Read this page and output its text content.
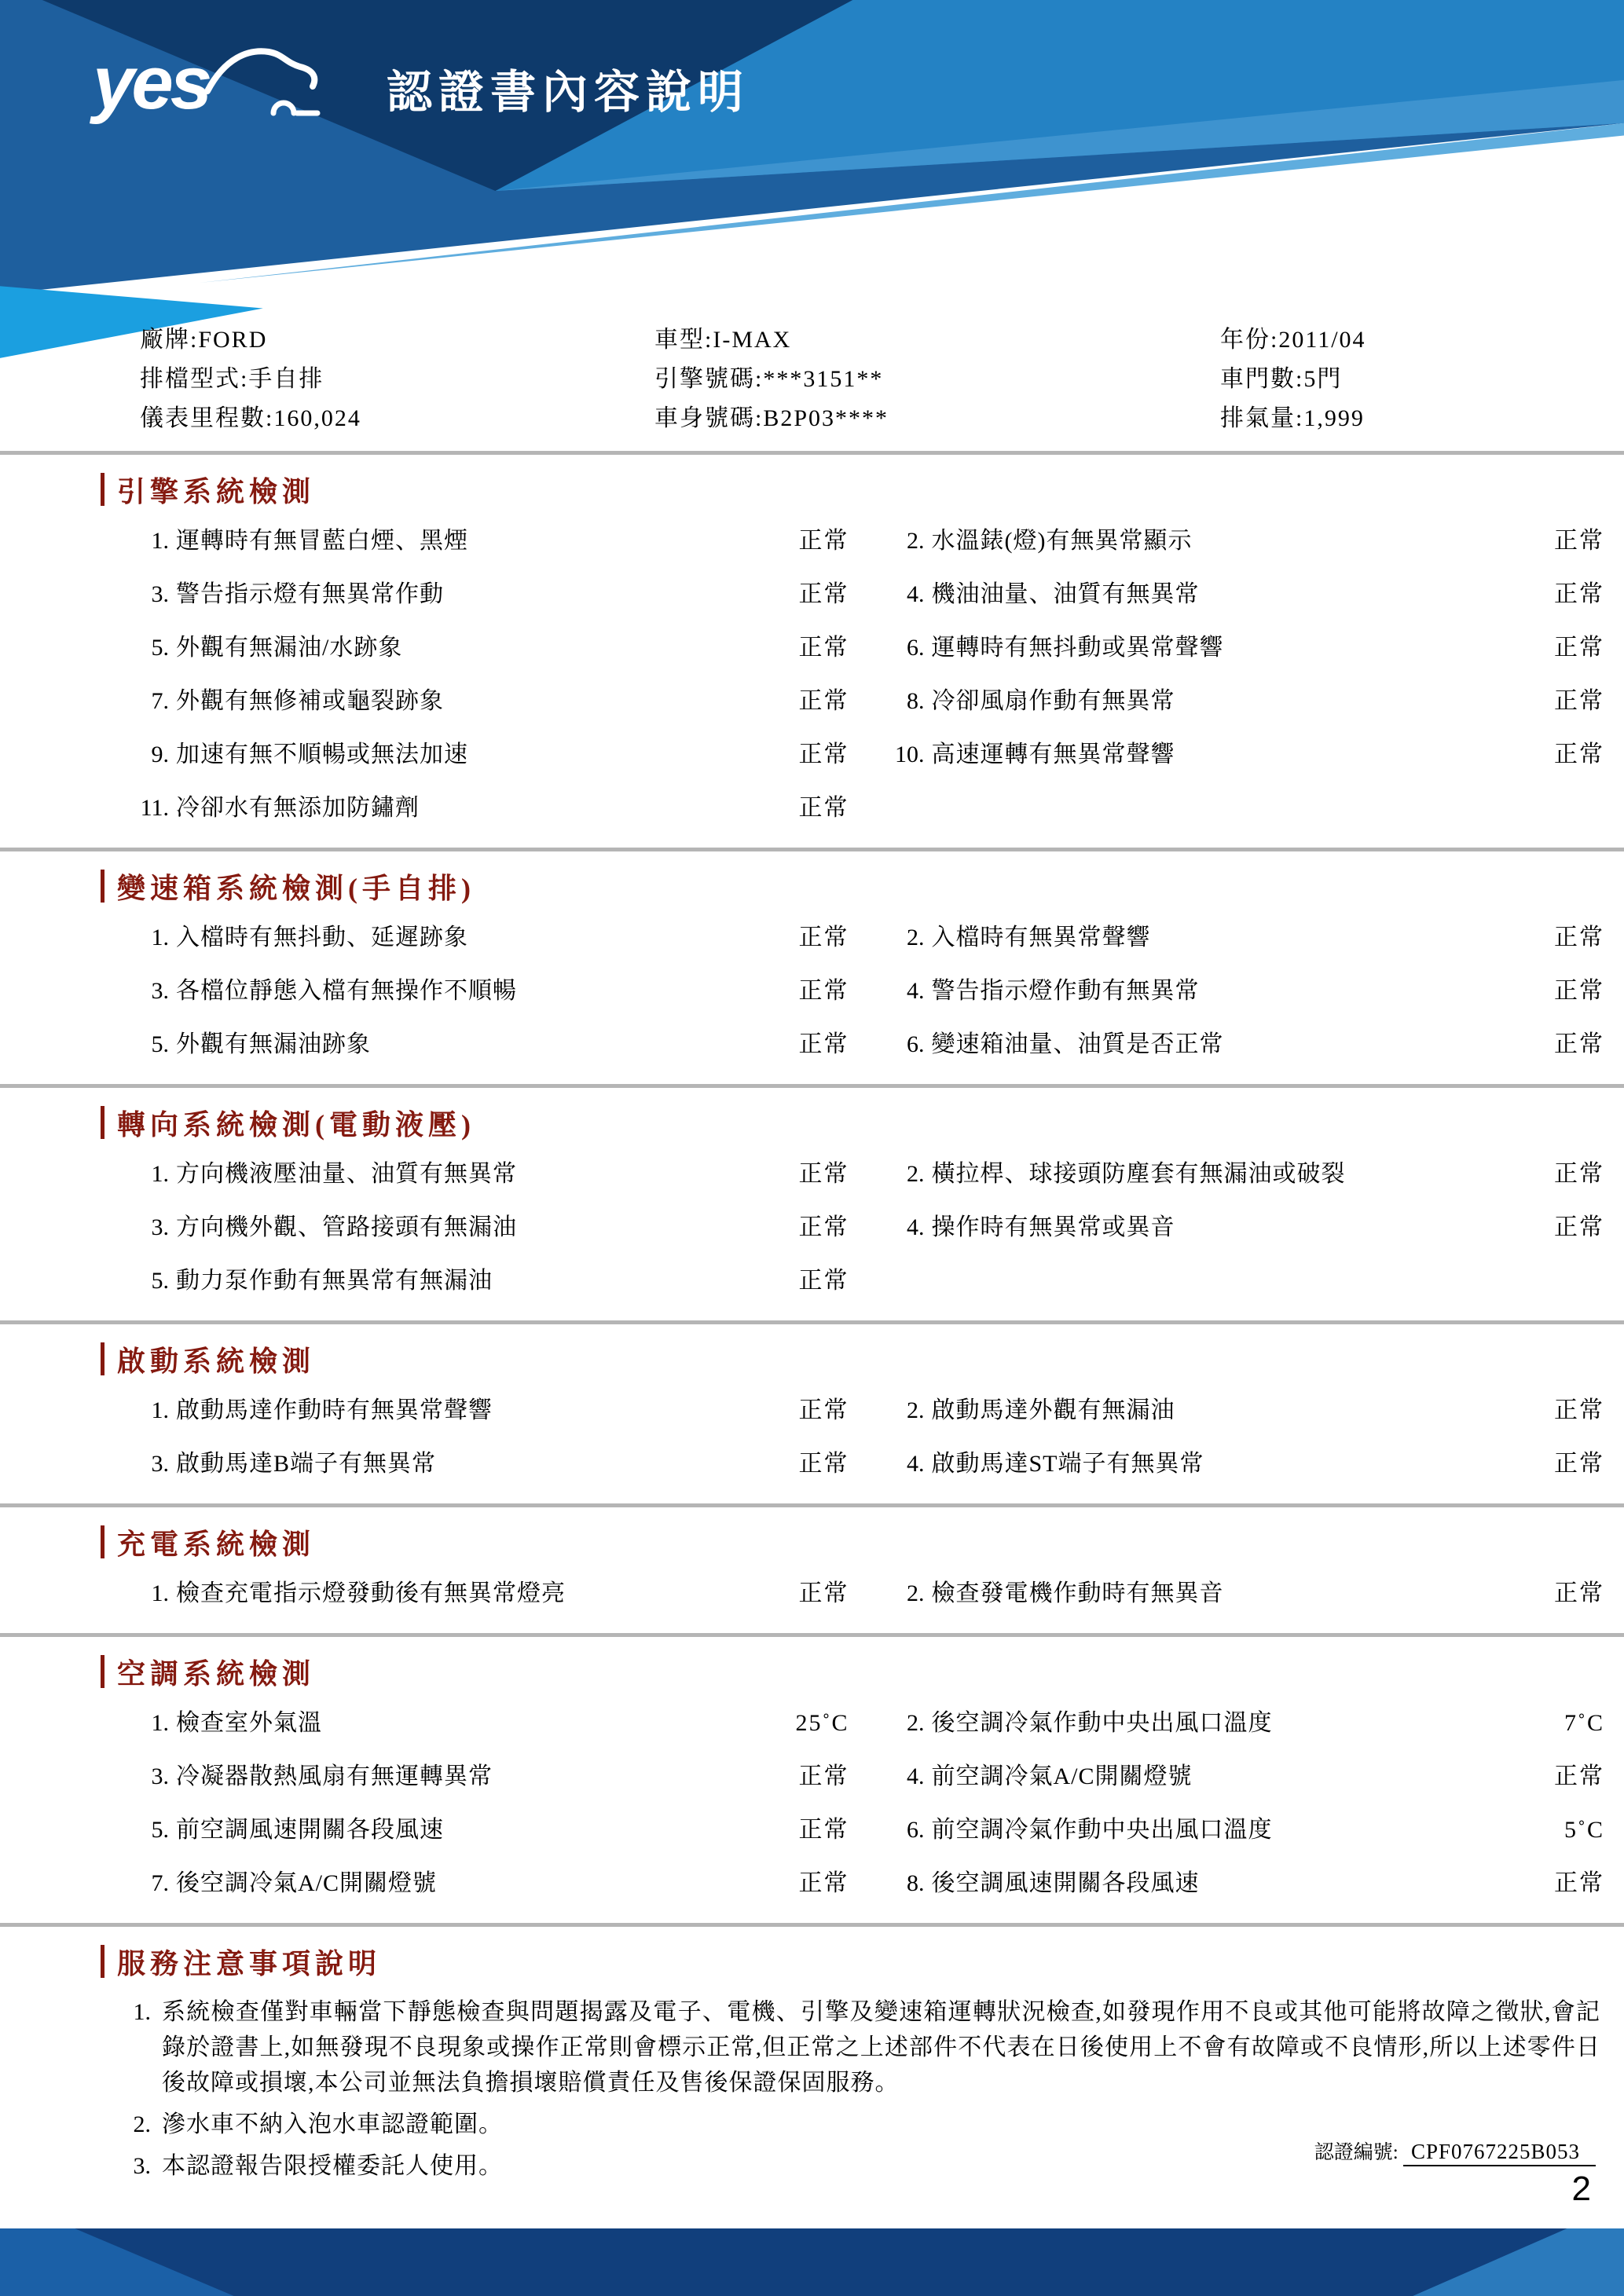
yes	認證書內容說明
廠牌:FORD	車型:I-MAX	年份:2011/04
排檔型式:手自排	引擎號碼:***3151**	車門數:5門
儀表里程數:160,024	車身號碼:B2P03****	排氣量:1,999
引擎系統檢測
1. 運轉時有無冒藍白煙、黑煙	正常	2. 水溫錶(燈)有無異常顯示	正常
3. 警告指示燈有無異常作動	正常	4. 機油油量、油質有無異常	正常
5. 外觀有無漏油/水跡象	正常	6. 運轉時有無抖動或異常聲響	正常
7. 外觀有無修補或龜裂跡象	正常	8. 冷卻風扇作動有無異常	正常
9. 加速有無不順暢或無法加速	正常	10. 高速運轉有無異常聲響	正常
11. 冷卻水有無添加防鏽劑	正常
變速箱系統檢測(手自排)
1. 入檔時有無抖動、延遲跡象	正常	2. 入檔時有無異常聲響	正常
3. 各檔位靜態入檔有無操作不順暢	正常	4. 警告指示燈作動有無異常	正常
5. 外觀有無漏油跡象	正常	6. 變速箱油量、油質是否正常	正常
轉向系統檢測(電動液壓)
1. 方向機液壓油量、油質有無異常	正常	2. 橫拉桿、球接頭防塵套有無漏油或破裂	正常
3. 方向機外觀、管路接頭有無漏油	正常	4. 操作時有無異常或異音	正常
5. 動力泵作動有無異常有無漏油	正常
啟動系統檢測
1. 啟動馬達作動時有無異常聲響	正常	2. 啟動馬達外觀有無漏油	正常
3. 啟動馬達B端子有無異常	正常	4. 啟動馬達ST端子有無異常	正常
充電系統檢測
1. 檢查充電指示燈發動後有無異常燈亮	正常	2. 檢查發電機作動時有無異音	正常
空調系統檢測
1. 檢查室外氣溫	25˚C	2. 後空調冷氣作動中央出風口溫度	7˚C
3. 冷凝器散熱風扇有無運轉異常	正常	4. 前空調冷氣A/C開關燈號	正常
5. 前空調風速開關各段風速	正常	6. 前空調冷氣作動中央出風口溫度	5˚C
7. 後空調冷氣A/C開關燈號	正常	8. 後空調風速開關各段風速	正常
服務注意事項說明
1. 系統檢查僅對車輛當下靜態檢查與問題揭露及電子、電機、引擎及變速箱運轉狀況檢查,如發現作用不良或其他可能將故障之徵狀,會記錄於證書上,如無發現不良現象或操作正常則會標示正常,但正常之上述部件不代表在日後使用上不會有故障或不良情形,所以上述零件日後故障或損壞,本公司並無法負擔損壞賠償責任及售後保證保固服務。
2. 滲水車不納入泡水車認證範圍。
3. 本認證報告限授權委託人使用。
認證編號: CPF0767225B053
2
